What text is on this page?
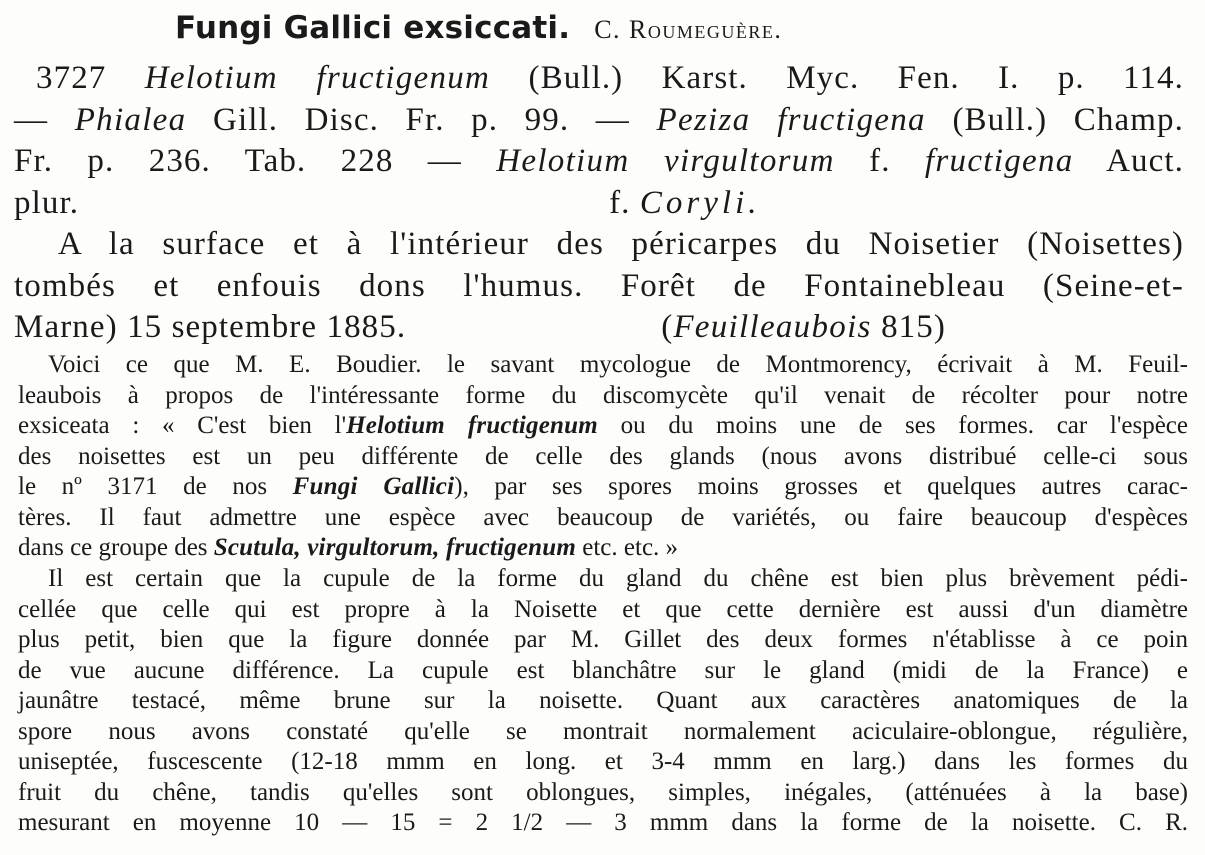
Fungi Gallici exsiccati. C. Roumeguère.
3727 Helotium fructigenum (Bull.) Karst. Myc. Fen. I. p. 114.
— Phialea Gill. Disc. Fr. p. 99. — Peziza fructigena (Bull.) Champ.
Fr. p. 236. Tab. 228 — Helotium virgultorum f. fructigena Auct.
plur.	f. Coryli.
A la surface et à l'intérieur des péricarpes du Noisetier (Noisettes)
tombés et enfouis dons l'humus. Forêt de Fontainebleau (Seine-et-
Marne) 15 septembre 1885.	(Feuilleaubois 815)
Voici ce que M. E. Boudier. le savant mycologue de Montmorency, écrivait à M. Feuil-
leaubois à propos de l'intéressante forme du discomycète qu'il venait de récolter pour notre
exsiceata : « C'est bien l'Helotium fructigenum ou du moins une de ses formes. car l'espèce
des noisettes est un peu différente de celle des glands (nous avons distribué celle-ci sous
le nº 3171 de nos Fungi Gallici), par ses spores moins grosses et quelques autres carac-
tères. Il faut admettre une espèce avec beaucoup de variétés, ou faire beaucoup d'espèces
dans ce groupe des Scutula, virgultorum, fructigenum etc. etc. »
Il est certain que la cupule de la forme du gland du chêne est bien plus brèvement pédi-
cellée que celle qui est propre à la Noisette et que cette dernière est aussi d'un diamètre
plus petit, bien que la figure donnée par M. Gillet des deux formes n'établisse à ce poin
de vue aucune différence. La cupule est blanchâtre sur le gland (midi de la France) e
jaunâtre testacé, même brune sur la noisette. Quant aux caractères anatomiques de la
spore nous avons constaté qu'elle se montrait normalement aciculaire-oblongue, régulière,
uniseptée, fuscescente (12-18 mmm en long. et 3-4 mmm en larg.) dans les formes du
fruit du chêne, tandis qu'elles sont oblongues, simples, inégales, (atténuées à la base)
mesurant en moyenne 10 — 15 = 2 1/2 — 3 mmm dans la forme de la noisette. C. R.
